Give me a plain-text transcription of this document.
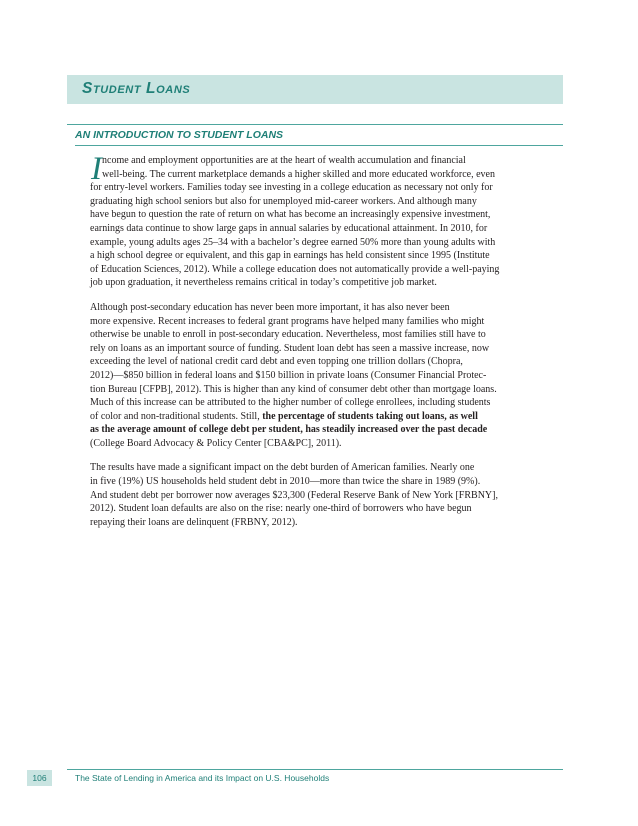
Student Loans
AN INTRODUCTION TO STUDENT LOANS
I ncome and employment opportunities are at the heart of wealth accumulation and financial
well-being. The current marketplace demands a higher skilled and more educated workforce, even
for entry-level workers. Families today see investing in a college education as necessary not only for
graduating high school seniors but also for unemployed mid-career workers. And although many
have begun to question the rate of return on what has become an increasingly expensive investment,
earnings data continue to show large gaps in annual salaries by educational attainment. In 2010, for
example, young adults ages 25–34 with a bachelor’s degree earned 50% more than young adults with
a high school degree or equivalent, and this gap in earnings has held consistent since 1995 (Institute
of Education Sciences, 2012). While a college education does not automatically provide a well-paying
job upon graduation, it nevertheless remains critical in today’s competitive job market.
Although post-secondary education has never been more important, it has also never been
more expensive. Recent increases to federal grant programs have helped many families who might
otherwise be unable to enroll in post-secondary education. Nevertheless, most families still have to
rely on loans as an important source of funding. Student loan debt has seen a massive increase, now
exceeding the level of national credit card debt and even topping one trillion dollars (Chopra,
2012)—$850 billion in federal loans and $150 billion in private loans (Consumer Financial Protec-
tion Bureau [CFPB], 2012). This is higher than any kind of consumer debt other than mortgage loans.
Much of this increase can be attributed to the higher number of college enrollees, including students
of color and non-traditional students. Still, the percentage of students taking out loans, as well
as the average amount of college debt per student, has steadily increased over the past decade
(College Board Advocacy & Policy Center [CBA&PC], 2011).
The results have made a significant impact on the debt burden of American families. Nearly one
in five (19%) US households held student debt in 2010—more than twice the share in 1989 (9%).
And student debt per borrower now averages $23,300 (Federal Reserve Bank of New York [FRBNY],
2012). Student loan defaults are also on the rise: nearly one-third of borrowers who have begun
repaying their loans are delinquent (FRBNY, 2012).
106	The State of Lending in America and its Impact on U.S. Households
